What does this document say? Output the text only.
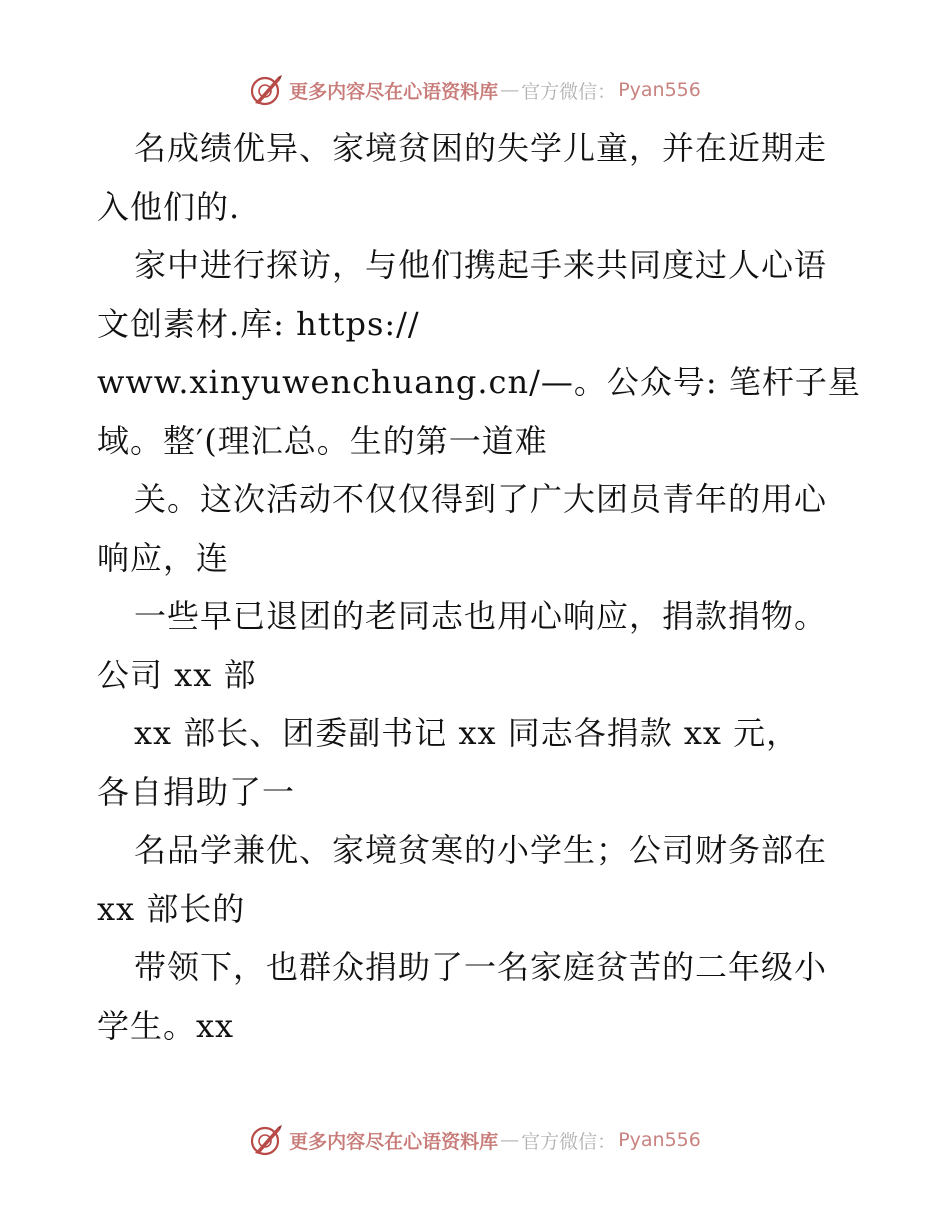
更多内容尽在心语资料库 — 官方微信： Pyan556
名成绩优异、家境贫困的失学儿童，并在近期走
入他们的.
家中进行探访，与他们携起手来共同度过人心语
文创素材.库: https://
www.xinyuwenchuang.cn/—。公众号: 笔杆子星
域。整′(理汇总。生的第一道难
关。这次活动不仅仅得到了广大团员青年的用心
响应，连
一些早已退团的老同志也用心响应，捐款捐物。
公司 xx 部
xx 部长、团委副书记 xx 同志各捐款 xx 元，
各自捐助了一
名品学兼优、家境贫寒的小学生；公司财务部在
xx 部长的
带领下，也群众捐助了一名家庭贫苦的二年级小
学生。xx
更多内容尽在心语资料库 — 官方微信： Pyan556
